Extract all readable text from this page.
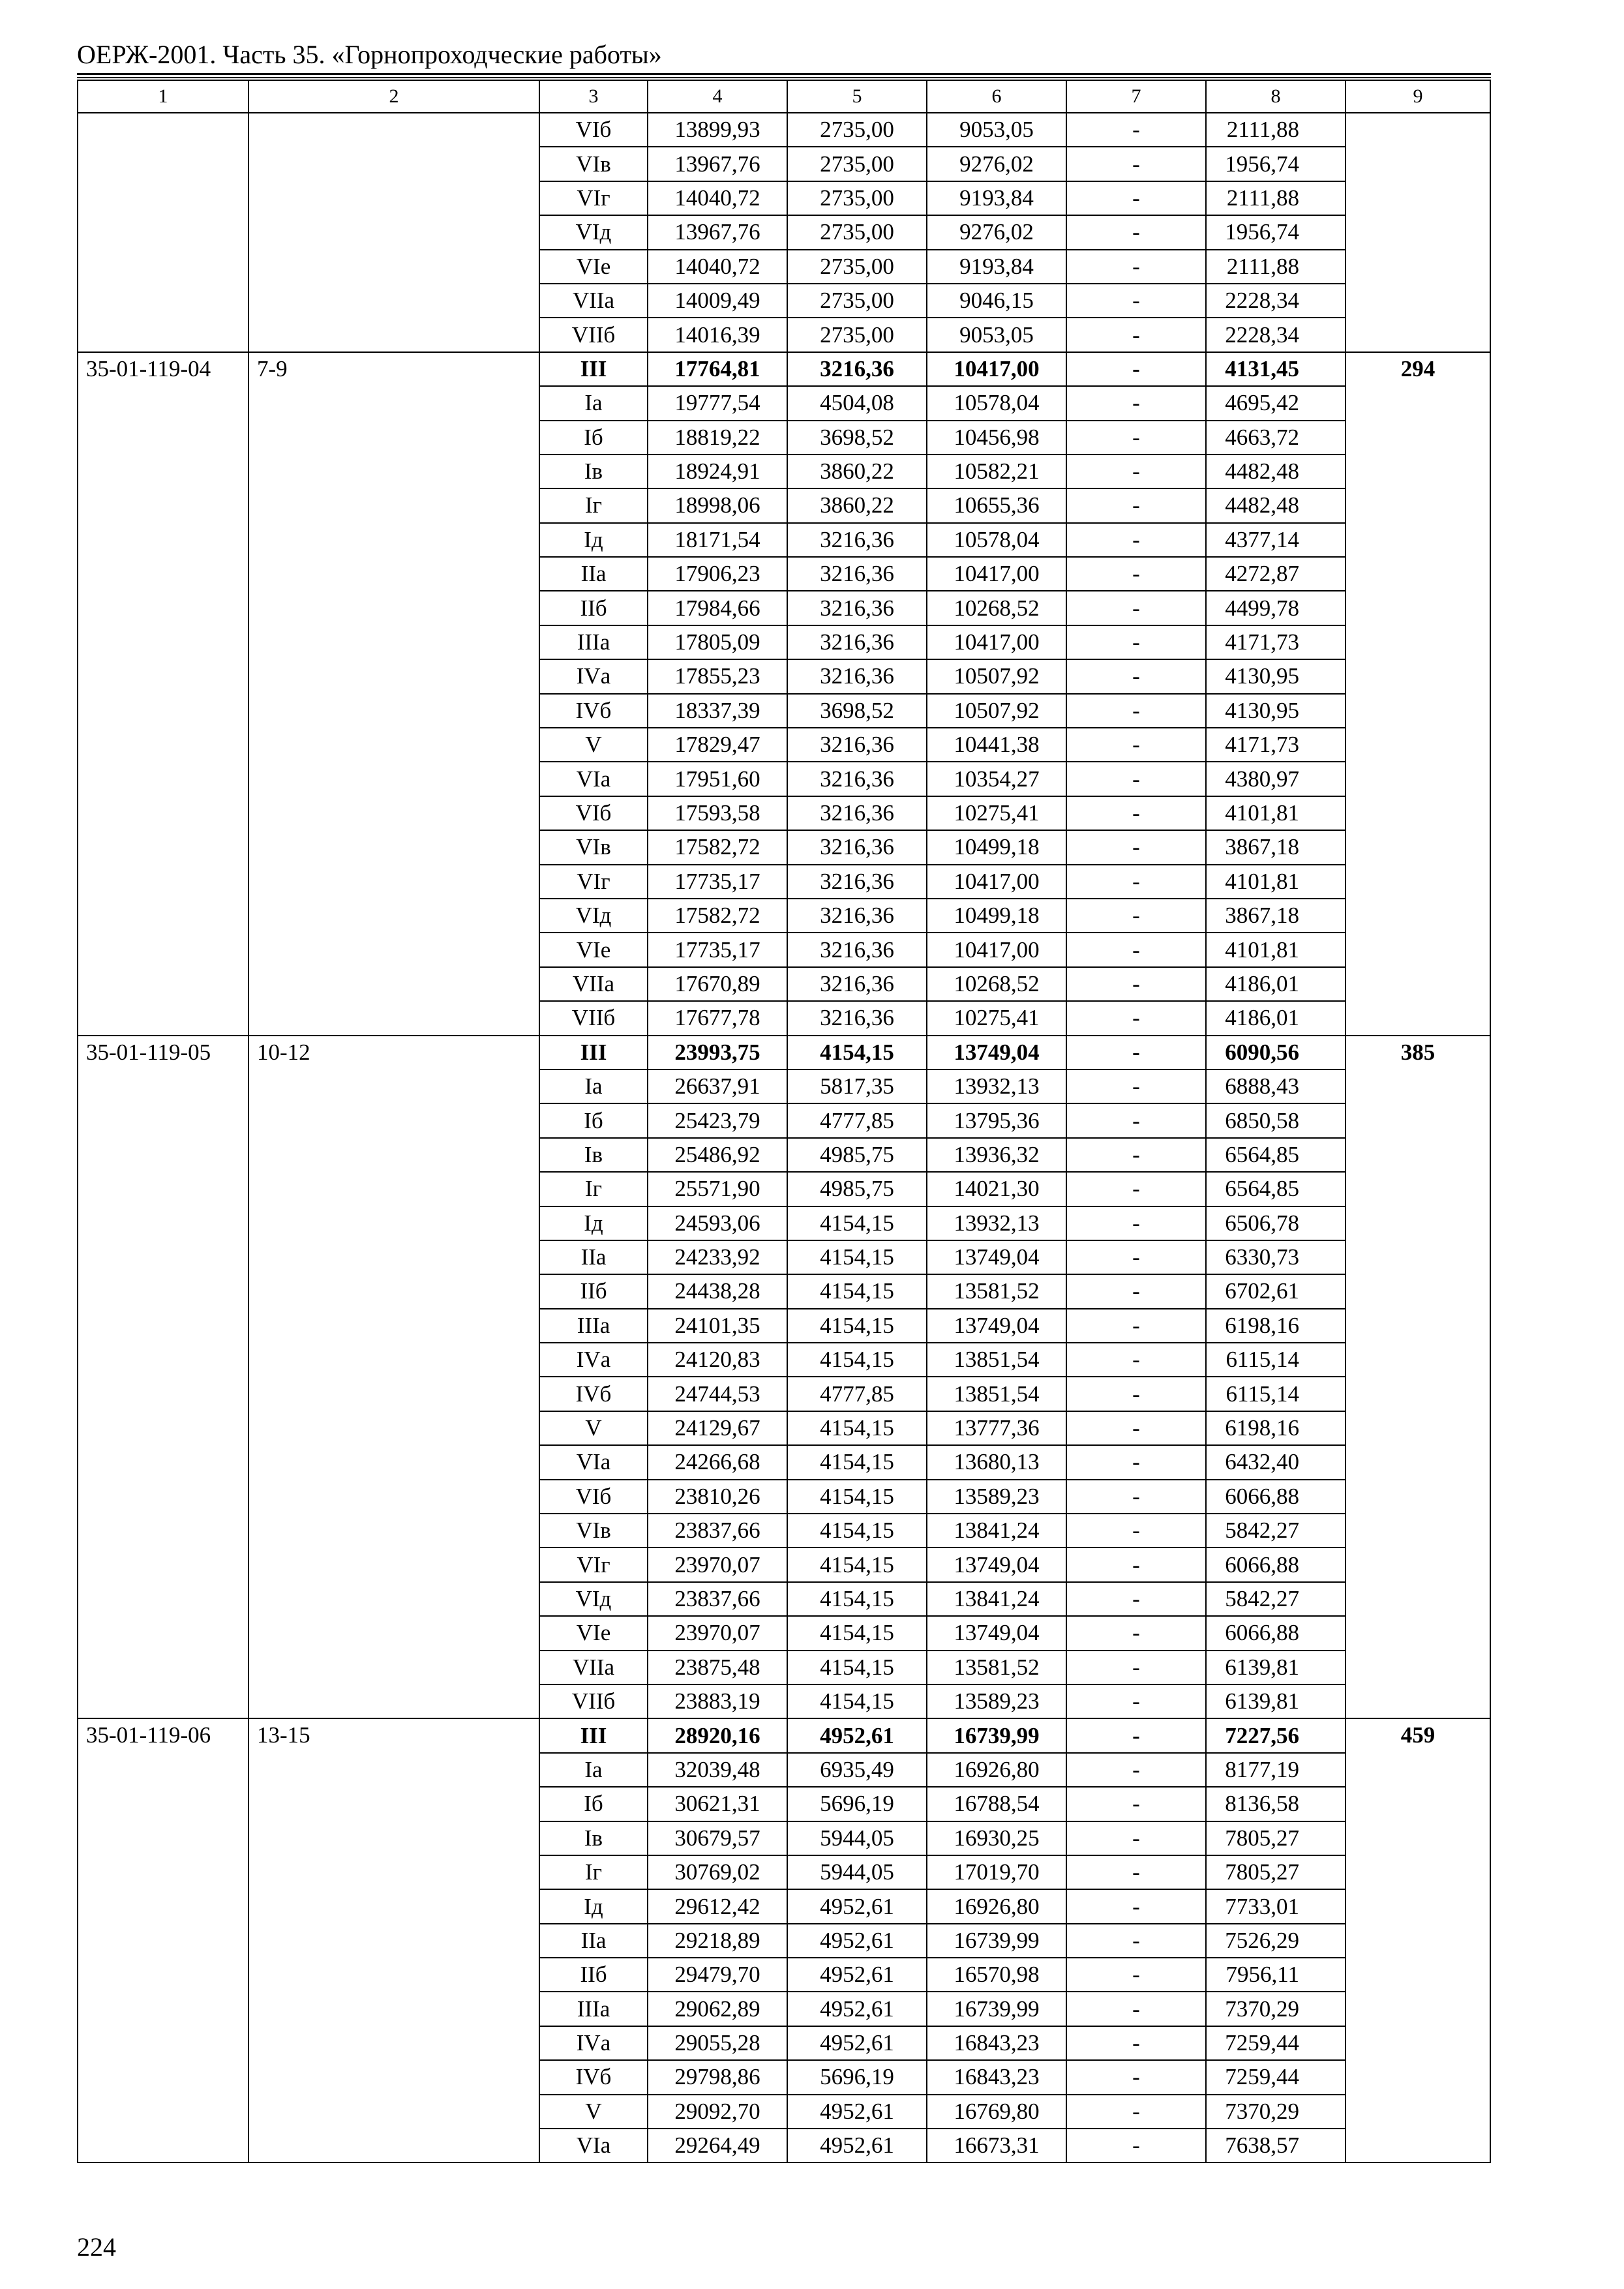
ОЕРЖ-2001. Часть 35. «Горнопроходческие работы»
1	2	3	4	5	6	7	8	9
		VIб	13899,93	2735,00	9053,05	-	2111,88	
		VIв	13967,76	2735,00	9276,02	-	1956,74	
		VIг	14040,72	2735,00	9193,84	-	2111,88	
		VIд	13967,76	2735,00	9276,02	-	1956,74	
		VIе	14040,72	2735,00	9193,84	-	2111,88	
		VIIа	14009,49	2735,00	9046,15	-	2228,34	
		VIIб	14016,39	2735,00	9053,05	-	2228,34	
35-01-119-04	7-9	III	17764,81	3216,36	10417,00	-	4131,45	294
		Iа	19777,54	4504,08	10578,04	-	4695,42	
		Iб	18819,22	3698,52	10456,98	-	4663,72	
		Iв	18924,91	3860,22	10582,21	-	4482,48	
		Iг	18998,06	3860,22	10655,36	-	4482,48	
		Iд	18171,54	3216,36	10578,04	-	4377,14	
		IIа	17906,23	3216,36	10417,00	-	4272,87	
		IIб	17984,66	3216,36	10268,52	-	4499,78	
		IIIа	17805,09	3216,36	10417,00	-	4171,73	
		IVа	17855,23	3216,36	10507,92	-	4130,95	
		IVб	18337,39	3698,52	10507,92	-	4130,95	
		V	17829,47	3216,36	10441,38	-	4171,73	
		VIа	17951,60	3216,36	10354,27	-	4380,97	
		VIб	17593,58	3216,36	10275,41	-	4101,81	
		VIв	17582,72	3216,36	10499,18	-	3867,18	
		VIг	17735,17	3216,36	10417,00	-	4101,81	
		VIд	17582,72	3216,36	10499,18	-	3867,18	
		VIе	17735,17	3216,36	10417,00	-	4101,81	
		VIIа	17670,89	3216,36	10268,52	-	4186,01	
		VIIб	17677,78	3216,36	10275,41	-	4186,01	
35-01-119-05	10-12	III	23993,75	4154,15	13749,04	-	6090,56	385
		Iа	26637,91	5817,35	13932,13	-	6888,43	
		Iб	25423,79	4777,85	13795,36	-	6850,58	
		Iв	25486,92	4985,75	13936,32	-	6564,85	
		Iг	25571,90	4985,75	14021,30	-	6564,85	
		Iд	24593,06	4154,15	13932,13	-	6506,78	
		IIа	24233,92	4154,15	13749,04	-	6330,73	
		IIб	24438,28	4154,15	13581,52	-	6702,61	
		IIIа	24101,35	4154,15	13749,04	-	6198,16	
		IVа	24120,83	4154,15	13851,54	-	6115,14	
		IVб	24744,53	4777,85	13851,54	-	6115,14	
		V	24129,67	4154,15	13777,36	-	6198,16	
		VIа	24266,68	4154,15	13680,13	-	6432,40	
		VIб	23810,26	4154,15	13589,23	-	6066,88	
		VIв	23837,66	4154,15	13841,24	-	5842,27	
		VIг	23970,07	4154,15	13749,04	-	6066,88	
		VIд	23837,66	4154,15	13841,24	-	5842,27	
		VIе	23970,07	4154,15	13749,04	-	6066,88	
		VIIа	23875,48	4154,15	13581,52	-	6139,81	
		VIIб	23883,19	4154,15	13589,23	-	6139,81	
35-01-119-06	13-15	III	28920,16	4952,61	16739,99	-	7227,56	459
		Iа	32039,48	6935,49	16926,80	-	8177,19	
		Iб	30621,31	5696,19	16788,54	-	8136,58	
		Iв	30679,57	5944,05	16930,25	-	7805,27	
		Iг	30769,02	5944,05	17019,70	-	7805,27	
		Iд	29612,42	4952,61	16926,80	-	7733,01	
		IIа	29218,89	4952,61	16739,99	-	7526,29	
		IIб	29479,70	4952,61	16570,98	-	7956,11	
		IIIа	29062,89	4952,61	16739,99	-	7370,29	
		IVа	29055,28	4952,61	16843,23	-	7259,44	
		IVб	29798,86	5696,19	16843,23	-	7259,44	
		V	29092,70	4952,61	16769,80	-	7370,29	
		VIа	29264,49	4952,61	16673,31	-	7638,57	
224
